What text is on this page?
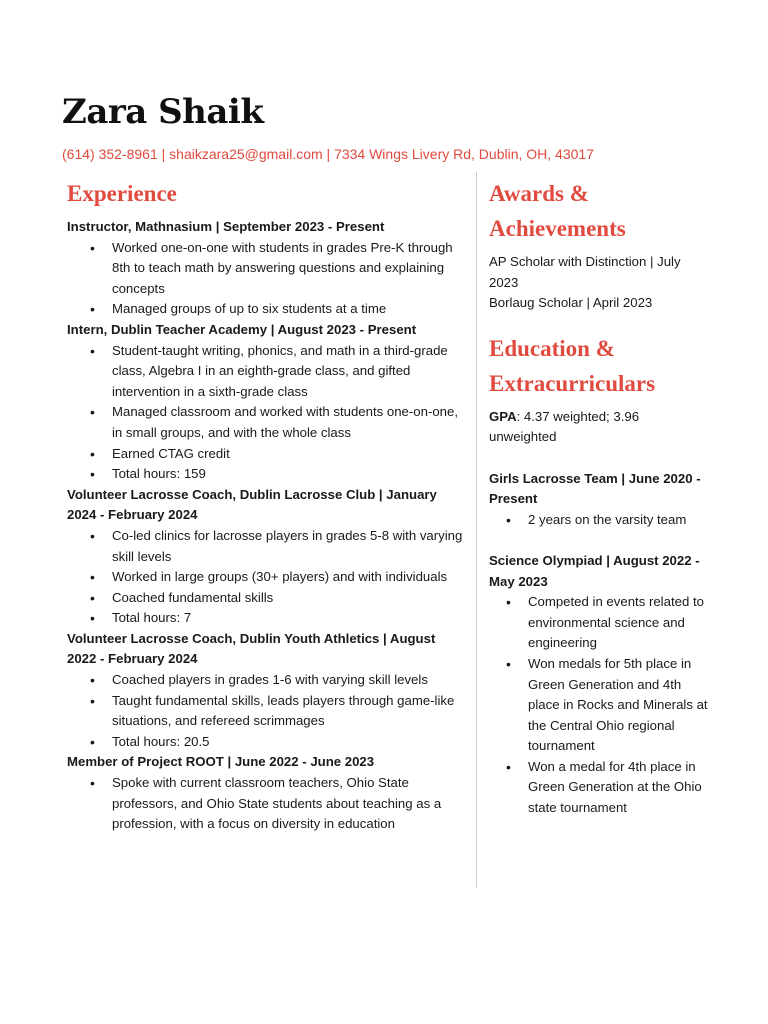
Zara Shaik
(614) 352-8961 | shaikzara25@gmail.com | 7334 Wings Livery Rd, Dublin, OH, 43017
Experience
Instructor, Mathnasium | September 2023 - Present
• Worked one-on-one with students in grades Pre-K through 8th to teach math by answering questions and explaining concepts
• Managed groups of up to six students at a time
Intern, Dublin Teacher Academy | August 2023 - Present
• Student-taught writing, phonics, and math in a third-grade class, Algebra I in an eighth-grade class, and gifted intervention in a sixth-grade class
• Managed classroom and worked with students one-on-one, in small groups, and with the whole class
• Earned CTAG credit
• Total hours: 159
Volunteer Lacrosse Coach, Dublin Lacrosse Club | January 2024 - February 2024
• Co-led clinics for lacrosse players in grades 5-8 with varying skill levels
• Worked in large groups (30+ players) and with individuals
• Coached fundamental skills
• Total hours: 7
Volunteer Lacrosse Coach, Dublin Youth Athletics | August 2022 - February 2024
• Coached players in grades 1-6 with varying skill levels
• Taught fundamental skills, leads players through game-like situations, and refereed scrimmages
• Total hours: 20.5
Member of Project ROOT | June 2022 - June 2023
• Spoke with current classroom teachers, Ohio State professors, and Ohio State students about teaching as a profession, with a focus on diversity in education
Awards & Achievements

AP Scholar with Distinction | July 2023

Borlaug Scholar | April 2023

Education & Extracurriculars

GPA: 4.37 weighted; 3.96 unweighted

Girls Lacrosse Team | June 2020 - Present

• 2 years on the varsity team

Science Olympiad | August 2022 - May 2023

• Competed in events related to environmental science and engineering
• Won medals for 5th place in Green Generation and 4th place in Rocks and Minerals at the Central Ohio regional tournament
• Won a medal for 4th place in Green Generation at the Ohio state tournament
